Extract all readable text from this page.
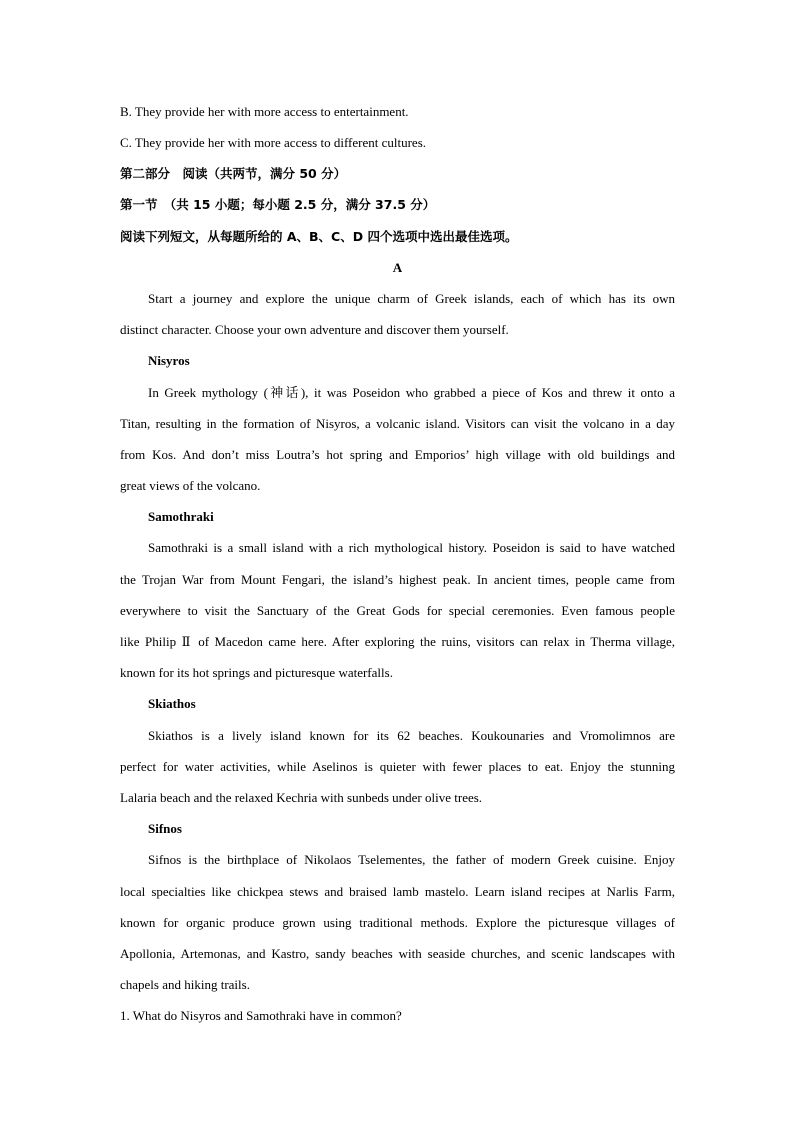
B. They provide her with more access to entertainment.
C. They provide her with more access to different cultures.
第二部分　阅读（共两节，满分 50 分）
第一节　（共 15 小题；每小题 2.5 分，满分 37.5 分）
阅读下列短文，从每题所给的 A、B、C、D 四个选项中选出最佳选项。
A
Start a journey and explore the unique charm of Greek islands, each of which has its own
distinct character. Choose your own adventure and discover them yourself.
Nisyros
In Greek mythology (神话), it was Poseidon who grabbed a piece of Kos and threw it onto a
Titan, resulting in the formation of Nisyros, a volcanic island. Visitors can visit the volcano in a day
from Kos. And don’t miss Loutra’s hot spring and Emporios’ high village with old buildings and
great views of the volcano.
Samothraki
Samothraki is a small island with a rich mythological history. Poseidon is said to have watched
the Trojan War from Mount Fengari, the island’s highest peak. In ancient times, people came from
everywhere to visit the Sanctuary of the Great Gods for special ceremonies. Even famous people
like Philip Ⅱ of Macedon came here. After exploring the ruins, visitors can relax in Therma village,
known for its hot springs and picturesque waterfalls.
Skiathos
Skiathos is a lively island known for its 62 beaches. Koukounaries and Vromolimnos are
perfect for water activities, while Aselinos is quieter with fewer places to eat. Enjoy the stunning
Lalaria beach and the relaxed Kechria with sunbeds under olive trees.
Sifnos
Sifnos is the birthplace of Nikolaos Tselementes, the father of modern Greek cuisine. Enjoy
local specialties like chickpea stews and braised lamb mastelo. Learn island recipes at Narlis Farm,
known for organic produce grown using traditional methods. Explore the picturesque villages of
Apollonia, Artemonas, and Kastro, sandy beaches with seaside churches, and scenic landscapes with
chapels and hiking trails.
1. What do Nisyros and Samothraki have in common?
